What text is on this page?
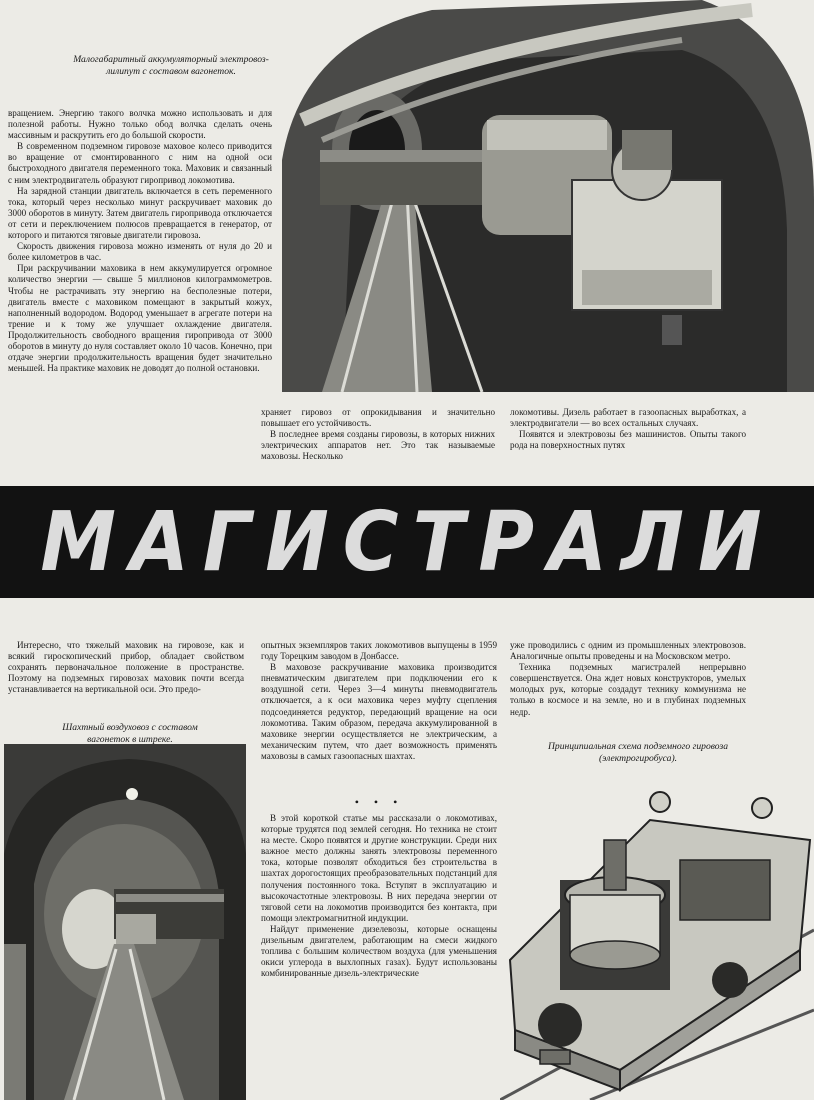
Малогабаритный аккумуляторный электровоз-лилипут с составом вагонеток.

вращением. Энергию такого волчка можно использовать и для полезной работы. Нужно только обод волчка сделать очень массивным и раскрутить его до большой скорости.

В современном подземном гировозе маховое колесо приводится во вращение от смонтированного с ним на одной оси быстроходного двигателя переменного тока. Маховик и связанный с ним электродвигатель образуют гиропривод локомотива.

На зарядной станции двигатель включается в сеть переменного тока, который через несколько минут раскручивает маховик до 3000 оборотов в минуту. Затем двигатель гиропривода отключается от сети и переключением полюсов превращается в генератор, от которого и питаются тяговые двигатели гировоза.

Скорость движения гировоза можно изменять от нуля до 20 и более километров в час.

При раскручивании маховика в нем аккумулируется огромное количество энергии — свыше 5 миллионов килограммометров. Чтобы не растрачивать эту энергию на бесполезные потери, двигатель вместе с маховиком помещают в закрытый кожух, наполненный водородом. Водород уменьшает в агрегате потери на трение и к тому же улучшает охлаждение двигателя. Продолжительность свободного вращения гиропривода от 3000 оборотов в минуту до нуля составляет около 10 часов. Конечно, при отдаче энергии продолжительность вращения будет значительно меньшей. На практике маховик не доводят до полной остановки.

храняет гировоз от опрокидывания и значительно повышает его устойчивость.

В последнее время созданы гировозы, в которых нижних электрических аппаратов нет. Это так называемые маховозы. Несколько

локомотивы. Дизель работает в газоопасных выработках, а электродвигатели — во всех остальных случаях.

Появятся и электровозы без машинистов. Опыты такого рода на поверхностных путях

МАГИСТРАЛИ

Интересно, что тяжелый маховик на гировозе, как и всякий гироскопический прибор, обладает свойством сохранять первоначальное положение в пространстве. Поэтому на подземных гировозах маховик почти всегда устанавливается на вертикальной оси. Это предо-

Шахтный воздуховоз с составом вагонеток в штреке.

опытных экземпляров таких локомотивов выпущены в 1959 году Торецким заводом в Донбассе.

В маховозе раскручивание маховика производится пневматическим двигателем при подключении его к воздушной сети. Через 3—4 минуты пневмодвигатель отключается, а к оси маховика через муфту сцепления подсоединяется редуктор, передающий вращение на оси локомотива. Таким образом, передача аккумулированной в маховике энергии осуществляется не электрическим, а механическим путем, что дает возможность применять маховозы в самых газоопасных шахтах.

• • •

В этой короткой статье мы рассказали о локомотивах, которые трудятся под землей сегодня. Но техника не стоит на месте. Скоро появятся и другие конструкции. Среди них важное место должны занять электровозы переменного тока, которые позволят обходиться без строительства в шахтах дорогостоящих преобразовательных подстанций для получения постоянного тока. Вступят в эксплуатацию и высокочастотные электровозы. В них передача энергии от тяговой сети на локомотив производится без контакта, при помощи электромагнитной индукции.

Найдут применение дизелевозы, которые оснащены дизельным двигателем, работающим на смеси жидкого топлива с большим количеством воздуха (для уменьшения окиси углерода в выхлопных газах). Будут использованы комбинированные дизель-электрические

уже проводились с одним из промышленных электровозов. Аналогичные опыты проведены и на Московском метро.

Техника подземных магистралей непрерывно совершенствуется. Она ждет новых конструкторов, умелых молодых рук, которые создадут технику коммунизма не только в космосе и на земле, но и в глубинах подземных недр.

Принципиальная схема подземного гировоза (электрогиробуса).
